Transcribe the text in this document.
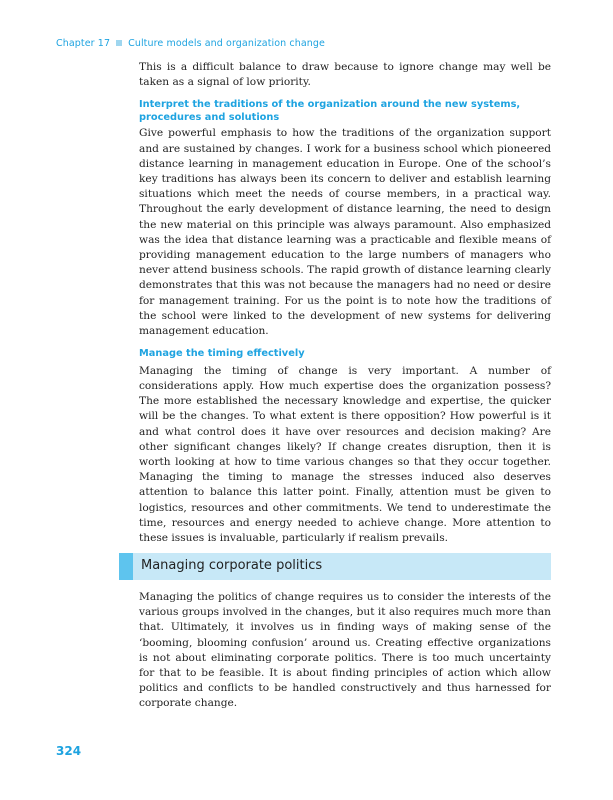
Chapter 17 Culture models and organization change

This is a difficult balance to draw because to ignore change may well be taken as a signal of low priority.

Interpret the traditions of the organization around the new systems, procedures and solutions

Give powerful emphasis to how the traditions of the organization support and are sustained by changes. I work for a business school which pioneered distance learning in management education in Europe. One of the school’s key traditions has always been its concern to deliver and establish learning situations which meet the needs of course members, in a practical way. Throughout the early development of distance learning, the need to design the new material on this principle was always paramount. Also emphasized was the idea that distance learning was a practicable and flexible means of providing management education to the large numbers of managers who never attend business schools. The rapid growth of distance learning clearly demonstrates that this was not because the managers had no need or desire for management training. For us the point is to note how the traditions of the school were linked to the development of new systems for delivering management education.

Manage the timing effectively

Managing the timing of change is very important. A number of considerations apply. How much expertise does the organization possess? The more established the necessary knowledge and expertise, the quicker will be the changes. To what extent is there opposition? How powerful is it and what control does it have over resources and decision making? Are other significant changes likely? If change creates disruption, then it is worth looking at how to time various changes so that they occur together. Managing the timing to manage the stresses induced also deserves attention to balance this latter point. Finally, attention must be given to logistics, resources and other commitments. We tend to underestimate the time, resources and energy needed to achieve change. More attention to these issues is invaluable, particularly if realism prevails.

Managing corporate politics

Managing the politics of change requires us to consider the interests of the various groups involved in the changes, but it also requires much more than that. Ultimately, it involves us in finding ways of making sense of the ‘booming, blooming confusion’ around us. Creating effective organizations is not about eliminating corporate politics. There is too much uncertainty for that to be feasible. It is about finding principles of action which allow politics and conflicts to be handled constructively and thus harnessed for corporate change.

324
